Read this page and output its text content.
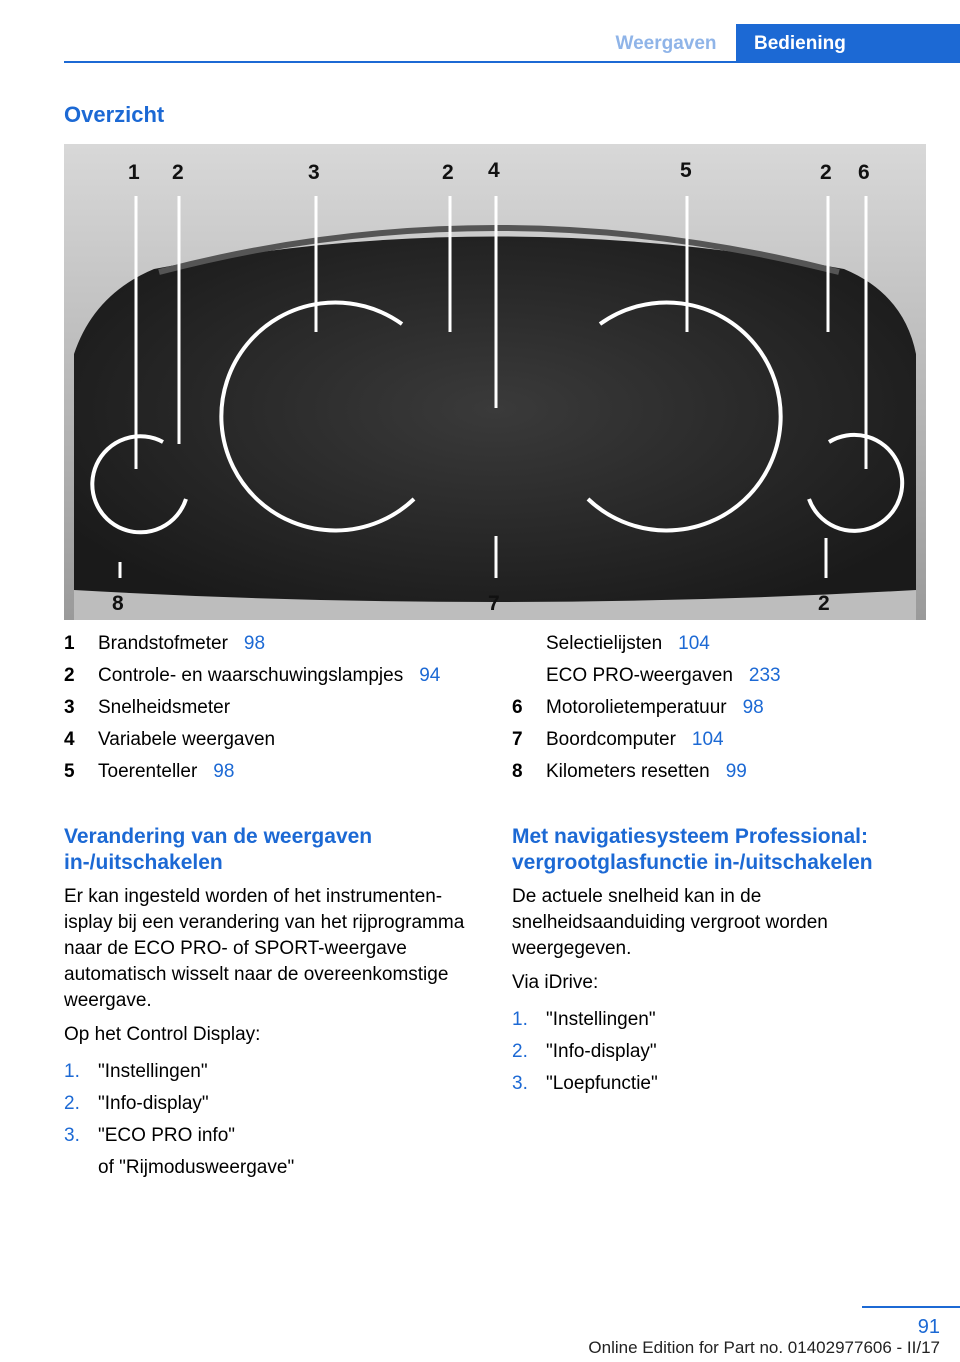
Weergaven	Bediening
Overzicht
1 2	3	2 4	5	2 6
8	7	2
1 Brandstofmeter 98
2 Controle- en waarschuwingslampjes 94
3 Snelheidsmeter
4 Variabele weergaven
5 Toerenteller 98
Selectielijsten 104
ECO PRO-weergaven 233
6 Motorolietemperatuur 98
7 Boordcomputer 104
8 Kilometers resetten 99
Verandering van de weergaven in-/uitschakelen

Er kan ingesteld worden of het instrumentenisplay bij een verandering van het rijprogramma naar de ECO PRO- of SPORT-weergave automatisch wisselt naar de overeenkomstige weergave.

Op het Control Display:

1. "Instellingen"
2. "Info-display"
3. "ECO PRO info"
of "Rijmodusweergave"
Met navigatiesysteem Professional: vergrootglasfunctie in-/uitschakelen

De actuele snelheid kan in de snelheidsaanduiding vergroot worden weergegeven.

Via iDrive:

1. "Instellingen"
2. "Info-display"
3. "Loepfunctie"
91
Online Edition for Part no. 01402977606 - II/17
